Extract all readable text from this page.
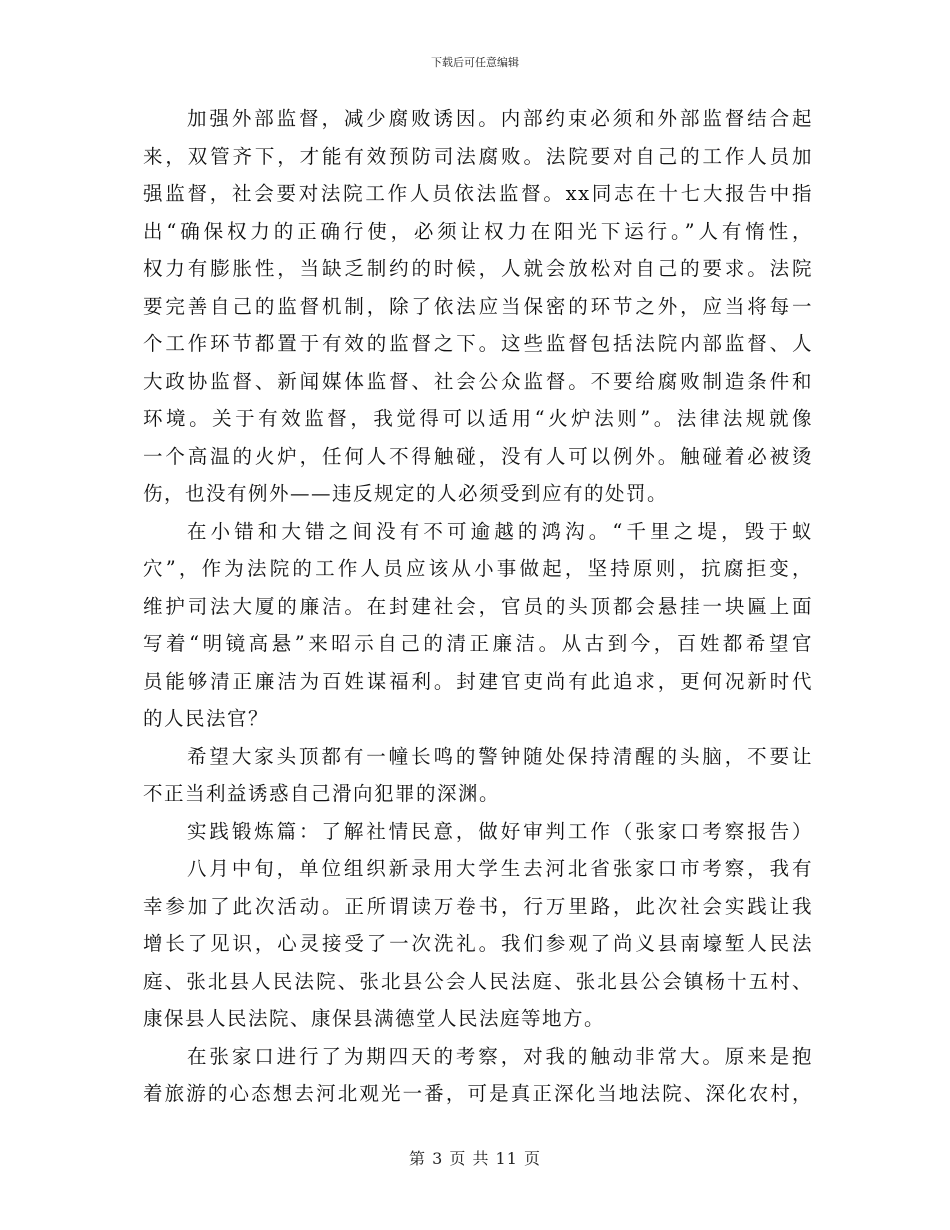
下载后可任意编辑
加强外部监督，减少腐败诱因。内部约束必须和外部监督结合起
来，双管齐下，才能有效预防司法腐败。法院要对自己的工作人员加
强监督，社会要对法院工作人员依法监督。xx同志在十七大报告中指
出“确保权力的正确行使，必须让权力在阳光下运行。”人有惰性，
权力有膨胀性，当缺乏制约的时候，人就会放松对自己的要求。法院
要完善自己的监督机制，除了依法应当保密的环节之外，应当将每一
个工作环节都置于有效的监督之下。这些监督包括法院内部监督、人
大政协监督、新闻媒体监督、社会公众监督。不要给腐败制造条件和
环境。关于有效监督，我觉得可以适用“火炉法则”。法律法规就像
一个高温的火炉，任何人不得触碰，没有人可以例外。触碰着必被烫
伤，也没有例外——违反规定的人必须受到应有的处罚。
在小错和大错之间没有不可逾越的鸿沟。“千里之堤，毁于蚁
穴”，作为法院的工作人员应该从小事做起，坚持原则，抗腐拒变，
维护司法大厦的廉洁。在封建社会，官员的头顶都会悬挂一块匾上面
写着“明镜高悬”来昭示自己的清正廉洁。从古到今，百姓都希望官
员能够清正廉洁为百姓谋福利。封建官吏尚有此追求，更何况新时代
的人民法官？
希望大家头顶都有一幢长鸣的警钟随处保持清醒的头脑，不要让
不正当利益诱惑自己滑向犯罪的深渊。
实践锻炼篇：了解社情民意，做好审判工作（张家口考察报告）
八月中旬，单位组织新录用大学生去河北省张家口市考察，我有
幸参加了此次活动。正所谓读万卷书，行万里路，此次社会实践让我
增长了见识，心灵接受了一次洗礼。我们参观了尚义县南壕堑人民法
庭、张北县人民法院、张北县公会人民法庭、张北县公会镇杨十五村、
康保县人民法院、康保县满德堂人民法庭等地方。
在张家口进行了为期四天的考察，对我的触动非常大。原来是抱
着旅游的心态想去河北观光一番，可是真正深化当地法院、深化农村，
第 3 页 共 11 页
